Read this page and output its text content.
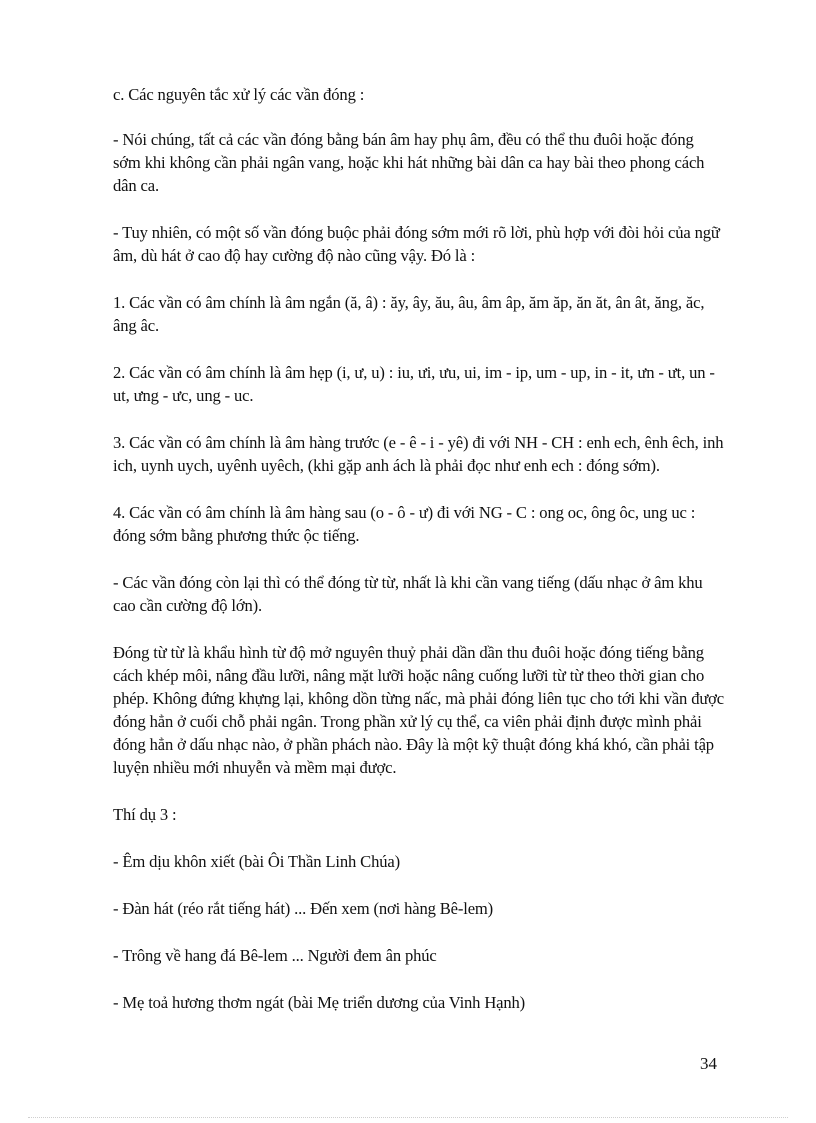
c. Các nguyên tắc xử lý các vần đóng :

- Nói chúng, tất cả các vần đóng bằng bán âm hay phụ âm, đều có thể thu đuôi hoặc đóng sớm khi không cần phải ngân vang, hoặc khi hát những bài dân ca hay bài theo phong cách dân ca.

- Tuy nhiên, có một số vần đóng buộc phải đóng sớm mới rõ lời, phù hợp với đòi hỏi của ngữ âm, dù hát ở cao độ hay cường độ nào cũng vậy. Đó là :

1. Các vần có âm chính là âm ngắn (ă, â) : ăy, ây, ău, âu, âm âp, ăm ăp, ăn ăt, ân ât, ăng, ăc, âng âc.

2. Các vần có âm chính là âm hẹp (i, ư, u) : iu, ưi, ưu, ui, im - ip, um - up, in - it, ưn - ưt, un - ut, ưng - ưc, ung - uc.

3. Các vần có âm chính là âm hàng trước (e - ê - i - yê) đi với NH - CH : enh ech, ênh êch, inh ich, uynh uych, uyênh uyêch, (khi gặp anh ách là phải đọc như enh ech : đóng sớm).

4. Các vần có âm chính là âm hàng sau (o - ô - ư) đi với NG - C : ong oc, ông ôc, ung uc : đóng sớm bằng phương thức ộc tiếng.

- Các vần đóng còn lại thì có thể đóng từ từ, nhất là khi cần vang tiếng (dấu nhạc ở âm khu cao cần cường độ lớn).

Đóng từ từ là khẩu hình từ độ mở nguyên thuỷ phải dần dần thu đuôi hoặc đóng tiếng bằng cách khép môi, nâng đầu lưỡi, nâng mặt lưỡi hoặc nâng cuống lưỡi từ từ theo thời gian cho phép. Không đứng khựng lại, không dồn từng nấc, mà phải đóng liên tục cho tới khi vần được đóng hẳn ở cuối chỗ phải ngân. Trong phần xử lý cụ thể, ca viên phải định được mình phải đóng hẳn ở dấu nhạc nào, ở phần phách nào. Đây là một kỹ thuật đóng khá khó, cần phải tập luyện nhiều mới nhuyễn và mềm mại được.

Thí dụ 3 :

- Êm dịu khôn xiết (bài Ôi Thần Linh Chúa)

- Đàn hát (réo rắt tiếng hát) ... Đến xem (nơi hàng Bê-lem)

- Trông về hang đá Bê-lem ... Người đem ân phúc

- Mẹ toả hương thơm ngát (bài Mẹ triển dương của Vinh Hạnh)

34
